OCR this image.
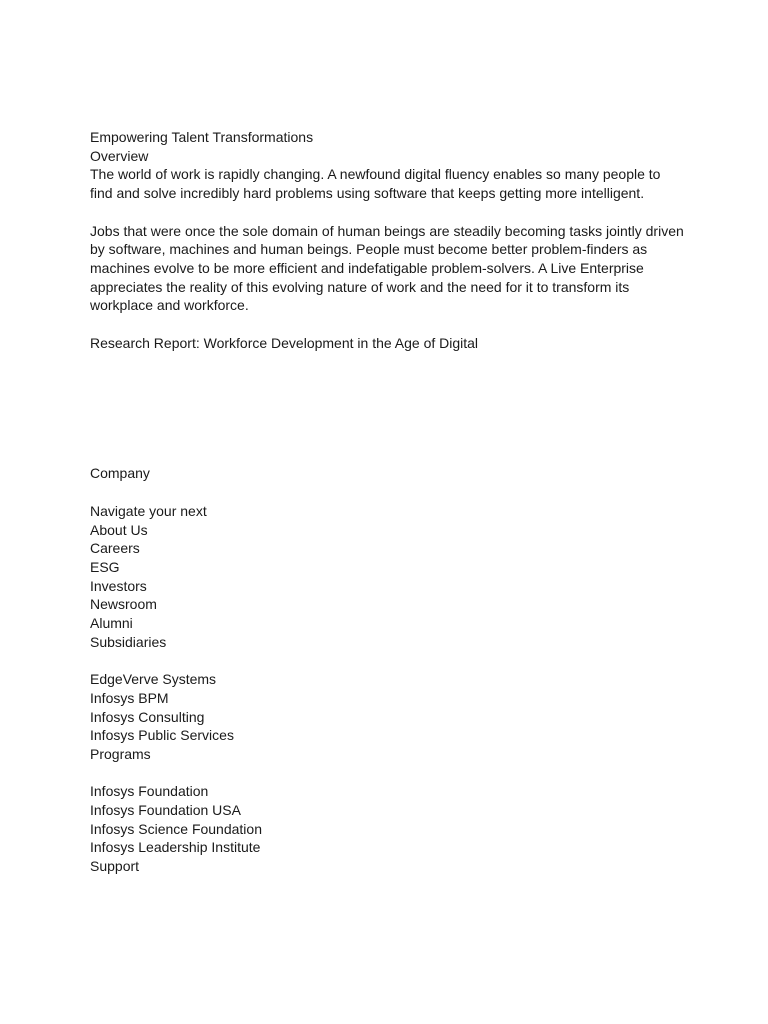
Empowering Talent Transformations
Overview
The world of work is rapidly changing. A newfound digital fluency enables so many people to
find and solve incredibly hard problems using software that keeps getting more intelligent.
Jobs that were once the sole domain of human beings are steadily becoming tasks jointly driven
by software, machines and human beings. People must become better problem-finders as
machines evolve to be more efficient and indefatigable problem-solvers. A Live Enterprise
appreciates the reality of this evolving nature of work and the need for it to transform its
workplace and workforce.
Research Report: Workforce Development in the Age of Digital
Company
Navigate your next
About Us
Careers
ESG
Investors
Newsroom
Alumni
Subsidiaries
EdgeVerve Systems
Infosys BPM
Infosys Consulting
Infosys Public Services
Programs
Infosys Foundation
Infosys Foundation USA
Infosys Science Foundation
Infosys Leadership Institute
Support
